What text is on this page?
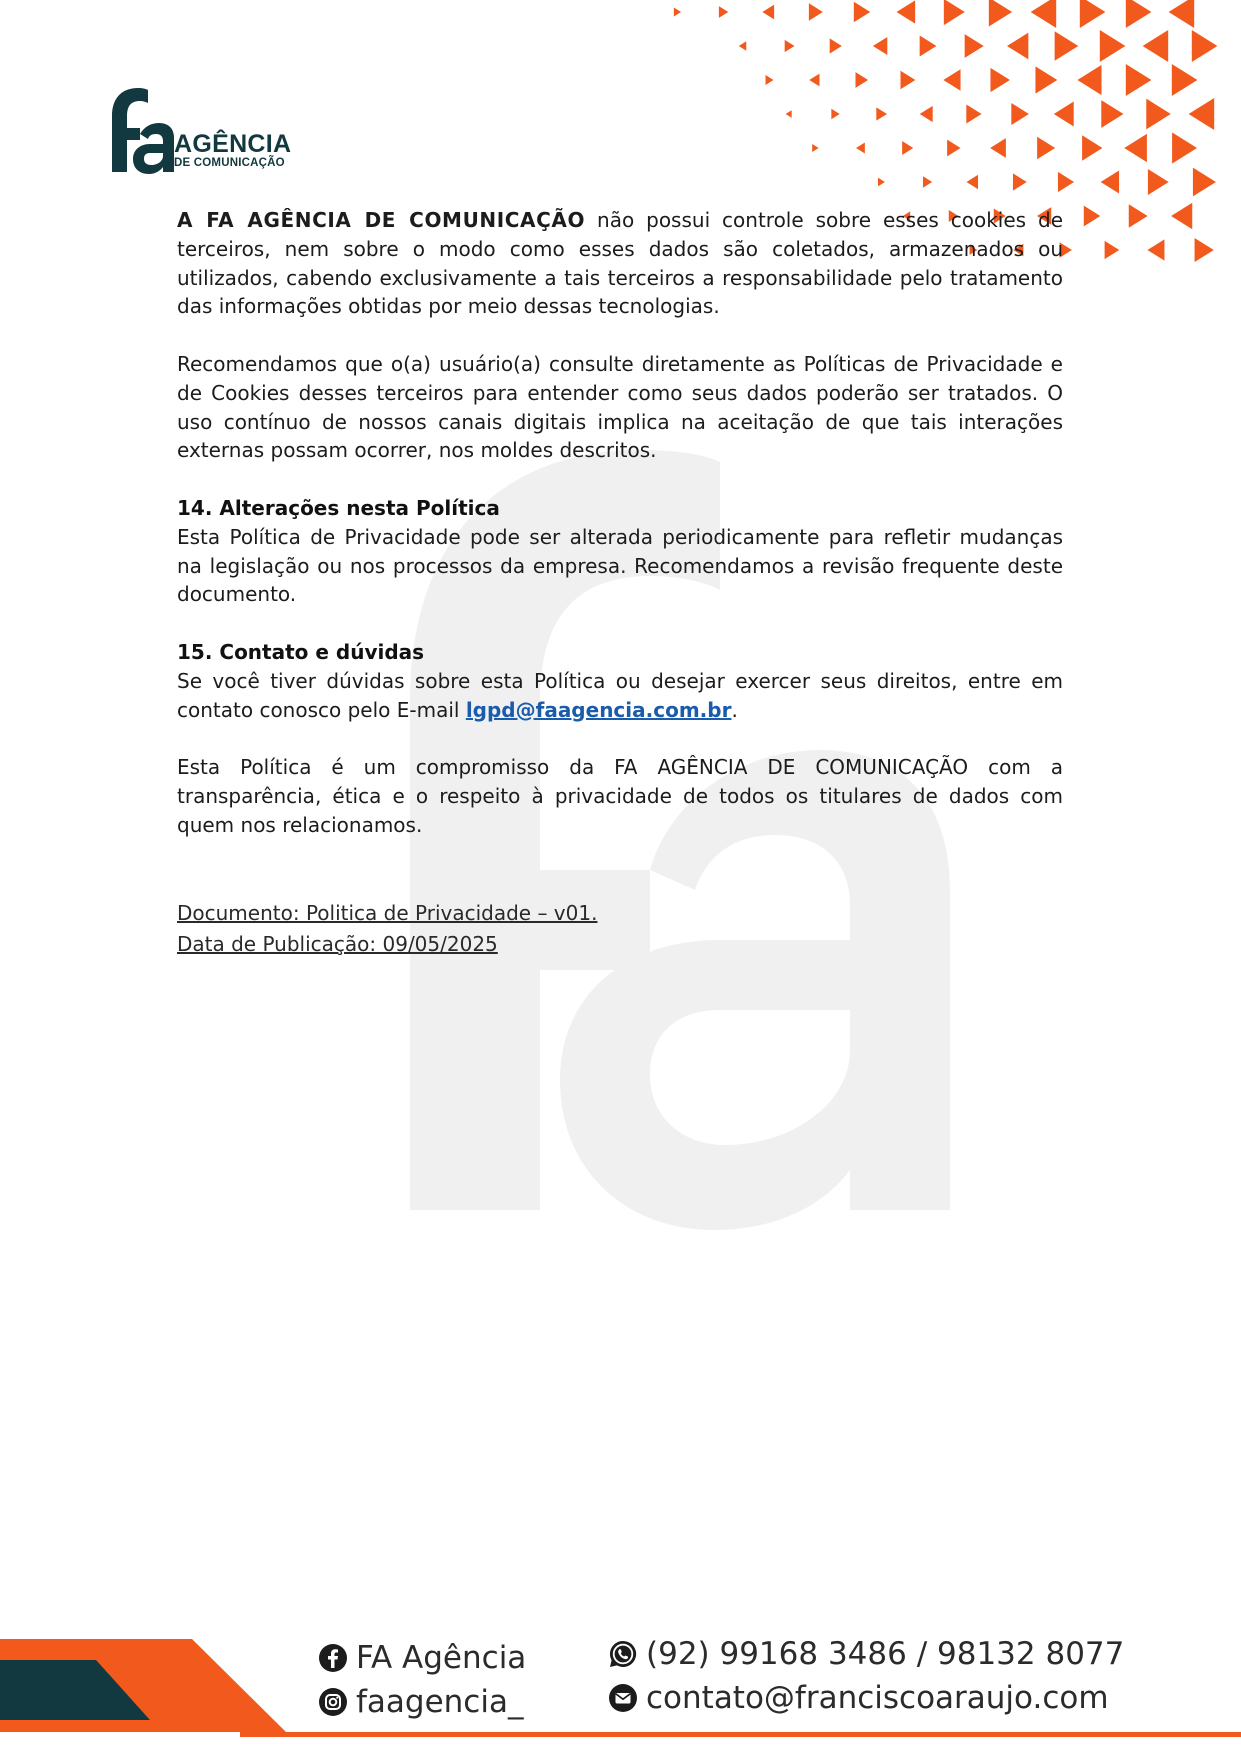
AGÊNCIA
DE COMUNICAÇÃO

A FA AGÊNCIA DE COMUNICAÇÃO não possui controle sobre esses cookies de terceiros, nem sobre o modo como esses dados são coletados, armazenados ou utilizados, cabendo exclusivamente a tais terceiros a responsabilidade pelo tratamento das informações obtidas por meio dessas tecnologias.

Recomendamos que o(a) usuário(a) consulte diretamente as Políticas de Privacidade e de Cookies desses terceiros para entender como seus dados poderão ser tratados. O uso contínuo de nossos canais digitais implica na aceitação de que tais interações externas possam ocorrer, nos moldes descritos.

14. Alterações nesta Política

Esta Política de Privacidade pode ser alterada periodicamente para refletir mudanças na legislação ou nos processos da empresa. Recomendamos a revisão frequente deste documento.

15. Contato e dúvidas

Se você tiver dúvidas sobre esta Política ou desejar exercer seus direitos, entre em contato conosco pelo E-mail lgpd@faagencia.com.br.

Esta Política é um compromisso da FA AGÊNCIA DE COMUNICAÇÃO com a transparência, ética e o respeito à privacidade de todos os titulares de dados com quem nos relacionamos.

Documento: Politica de Privacidade – v01.
Data de Publicação: 09/05/2025
FA Agência
faagencia_
(92) 99168 3486 / 98132 8077
contato@franciscoaraujo.com
